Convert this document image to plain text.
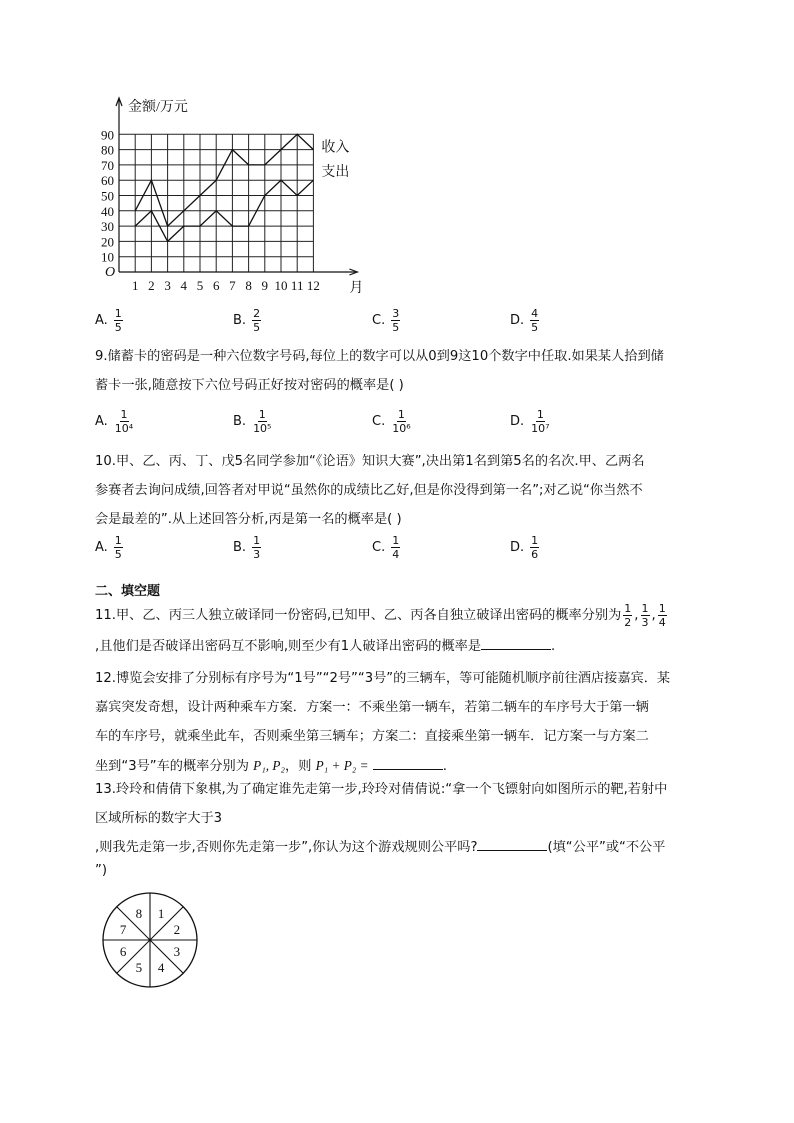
收入
支出
10
20
30
40
50
60
70
80
90
1 2 3 4 5 6 7 8 9 10 11 12
O
金额/万元
月
A. $\frac{1}{5}$	B. $\frac{2}{5}$	C. $\frac{3}{5}$	D. $\frac{4}{5}$
9.储蓄卡的密码是一种六位数字号码,每位上的数字可以从0到9这10个数字中任取.如果某人拾到储
蓄卡一张,随意按下六位号码正好按对密码的概率是( )
A. $\frac{1}{\text{10⁴}}$	B. $\frac{1}{\text{10⁵}}$	C. $\frac{1}{\text{10⁶}}$	D. $\frac{1}{\text{10⁷}}$
10.甲、乙、丙、丁、戊5名同学参加“《论语》知识大赛”,决出第1名到第5名的名次.甲、乙两名
参赛者去询问成绩,回答者对甲说“虽然你的成绩比乙好,但是你没得到第一名”;对乙说“你当然不
会是最差的”.从上述回答分析,丙是第一名的概率是( )
A. $\frac{1}{5}$	B. $\frac{1}{3}$	C. $\frac{1}{4}$	D. $\frac{1}{6}$
二、填空题
11.甲、乙、丙三人独立破译同一份密码,已知甲、乙、丙各自独立破译出密码的概率分别为 $\frac{1}{2}$ , $\frac{1}{3}$ , $\frac{1}{4}$
,且他们是否破译出密码互不影响,则至少有1人破译出密码的概率是	.
12.博览会安排了分别标有序号为“1号”“2号”“3号”的三辆车，等可能随机顺序前往酒店接嘉宾．某
嘉宾突发奇想，设计两种乘车方案．方案一：不乘坐第一辆车，若第二辆车的车序号大于第一辆
车的车序号，就乘坐此车，否则乘坐第三辆车；方案二：直接乘坐第一辆车．记方案一与方案二
坐到“3号”车的概率分别为 P₁, P₂，则 P₁ + P₂ =	.
13.玲玲和倩倩下象棋,为了确定谁先走第一步,玲玲对倩倩说:“拿一个飞镖射向如图所示的靶,若射中
区域所标的数字大于3
,则我先走第一步,否则你先走第一步”,你认为这个游戏规则公平吗?	(填“公平”或“不公平
”)
1
2
3
4
5
6
7
8
